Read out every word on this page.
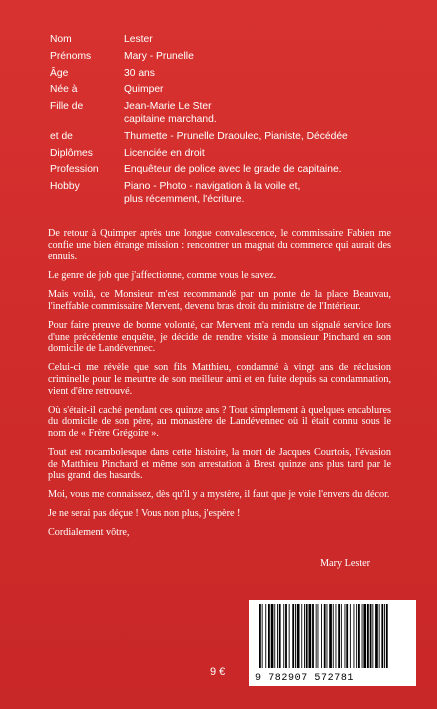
Nom	Lester
Prénoms	Mary - Prunelle
Âge	30 ans
Née à	Quimper
Fille de	Jean-Marie Le Ster
capitaine marchand.
et de	Thumette - Prunelle Draoulec, Pianiste, Décédée
Diplômes	Licenciée en droit
Profession	Enquêteur de police avec le grade de capitaine.
Hobby	Piano - Photo - navigation à la voile et,
plus récemment, l'écriture.

De retour à Quimper après une longue convalescence, le commissaire Fabien me confie une bien étrange mission : rencontrer un magnat du commerce qui aurait des ennuis.

Le genre de job que j'affectionne, comme vous le savez.

Mais voilà, ce Monsieur m'est recommandé par un ponte de la place Beauvau, l'ineffable commissaire Mervent, devenu bras droit du ministre de l'Intérieur.

Pour faire preuve de bonne volonté, car Mervent m'a rendu un signalé service lors d'une précédente enquête, je décide de rendre visite à monsieur Pinchard en son domicile de Landévennec.

Celui-ci me révèle que son fils Matthieu, condamné à vingt ans de réclusion criminelle pour le meurtre de son meilleur ami et en fuite depuis sa condamnation, vient d'être retrouvé.

Où s'était-il caché pendant ces quinze ans ? Tout simplement à quelques encablures du domicile de son père, au monastère de Landévennec où il était connu sous le nom de « Frère Grégoire ».

Tout est rocambolesque dans cette histoire, la mort de Jacques Courtois, l'évasion de Matthieu Pinchard et même son arrestation à Brest quinze ans plus tard par le plus grand des hasards.

Moi, vous me connaissez, dès qu'il y a mystère, il faut que je voie l'envers du décor.

Je ne serai pas déçue ! Vous non plus, j'espère !

Cordialement vôtre,

Mary Lester
9 €
9 782907 572781
